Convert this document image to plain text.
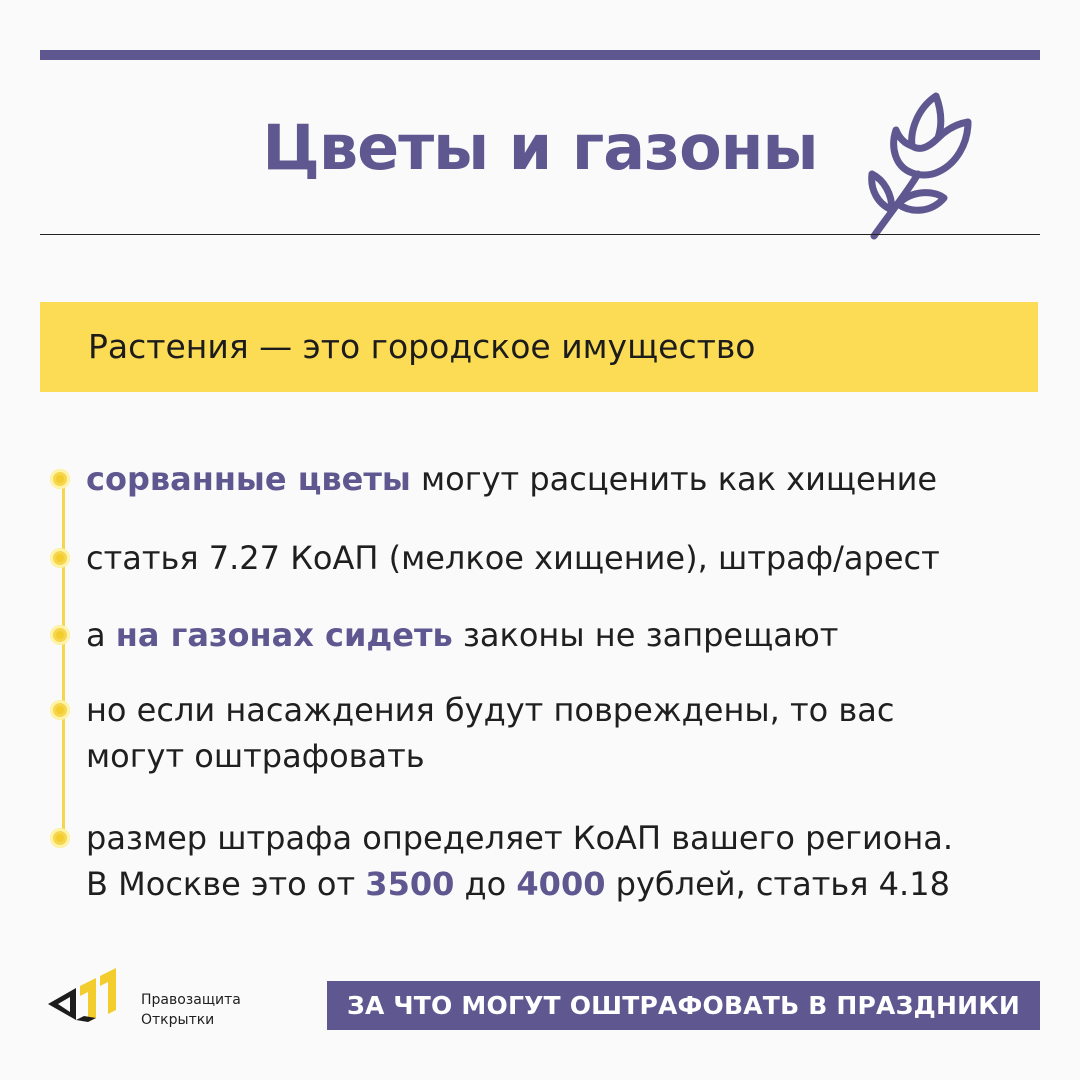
Цветы и газоны
Растения — это городское имущество
сорванные цветы могут расценить как хищение
статья 7.27 КоАП (мелкое хищение), штраф/арест
а на газонах сидеть законы не запрещают
но если насаждения будут повреждены, то вас
могут оштрафовать
размер штрафа определяет КоАП вашего региона.
В Москве это от 3500 до 4000 рублей, статья 4.18
Правозащита
Открытки	ЗА ЧТО МОГУТ ОШТРАФОВАТЬ В ПРАЗДНИКИ
